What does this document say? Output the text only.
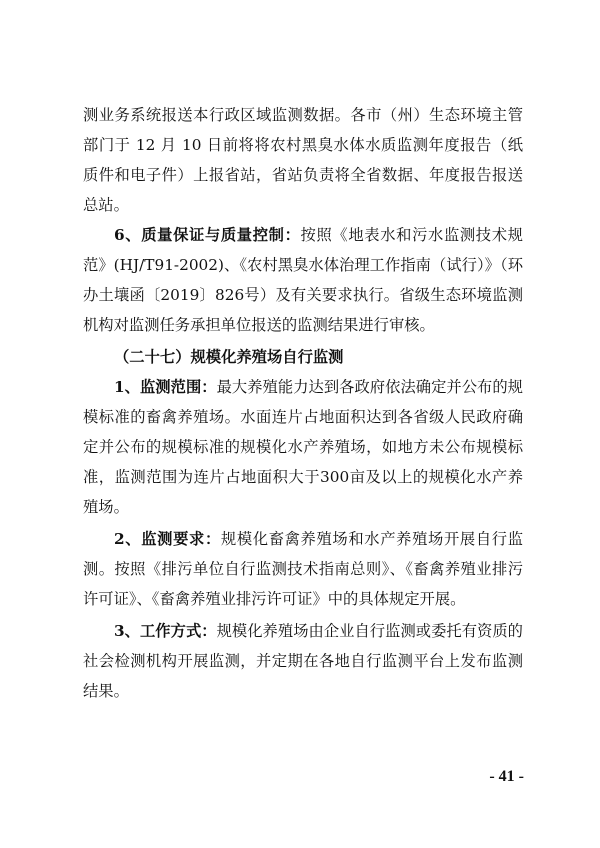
测业务系统报送本行政区域监测数据。各市（州）生态环境主管部门于 12 月 10 日前将将农村黑臭水体水质监测年度报告（纸质件和电子件）上报省站，省站负责将全省数据、年度报告报送总站。

6、质量保证与质量控制：按照《地表水和污水监测技术规范》(HJ/T91-2002)、《农村黑臭水体治理工作指南（试行）》（环办土壤函〔2019〕826号）及有关要求执行。省级生态环境监测机构对监测任务承担单位报送的监测结果进行审核。

（二十七）规模化养殖场自行监测

1、监测范围：最大养殖能力达到各政府依法确定并公布的规模标准的畜禽养殖场。水面连片占地面积达到各省级人民政府确定并公布的规模标准的规模化水产养殖场，如地方未公布规模标准，监测范围为连片占地面积大于300亩及以上的规模化水产养殖场。

2、监测要求：规模化畜禽养殖场和水产养殖场开展自行监测。按照《排污单位自行监测技术指南总则》、《畜禽养殖业排污许可证》、《畜禽养殖业排污许可证》中的具体规定开展。

3、工作方式：规模化养殖场由企业自行监测或委托有资质的社会检测机构开展监测，并定期在各地自行监测平台上发布监测结果。

- 41 -
